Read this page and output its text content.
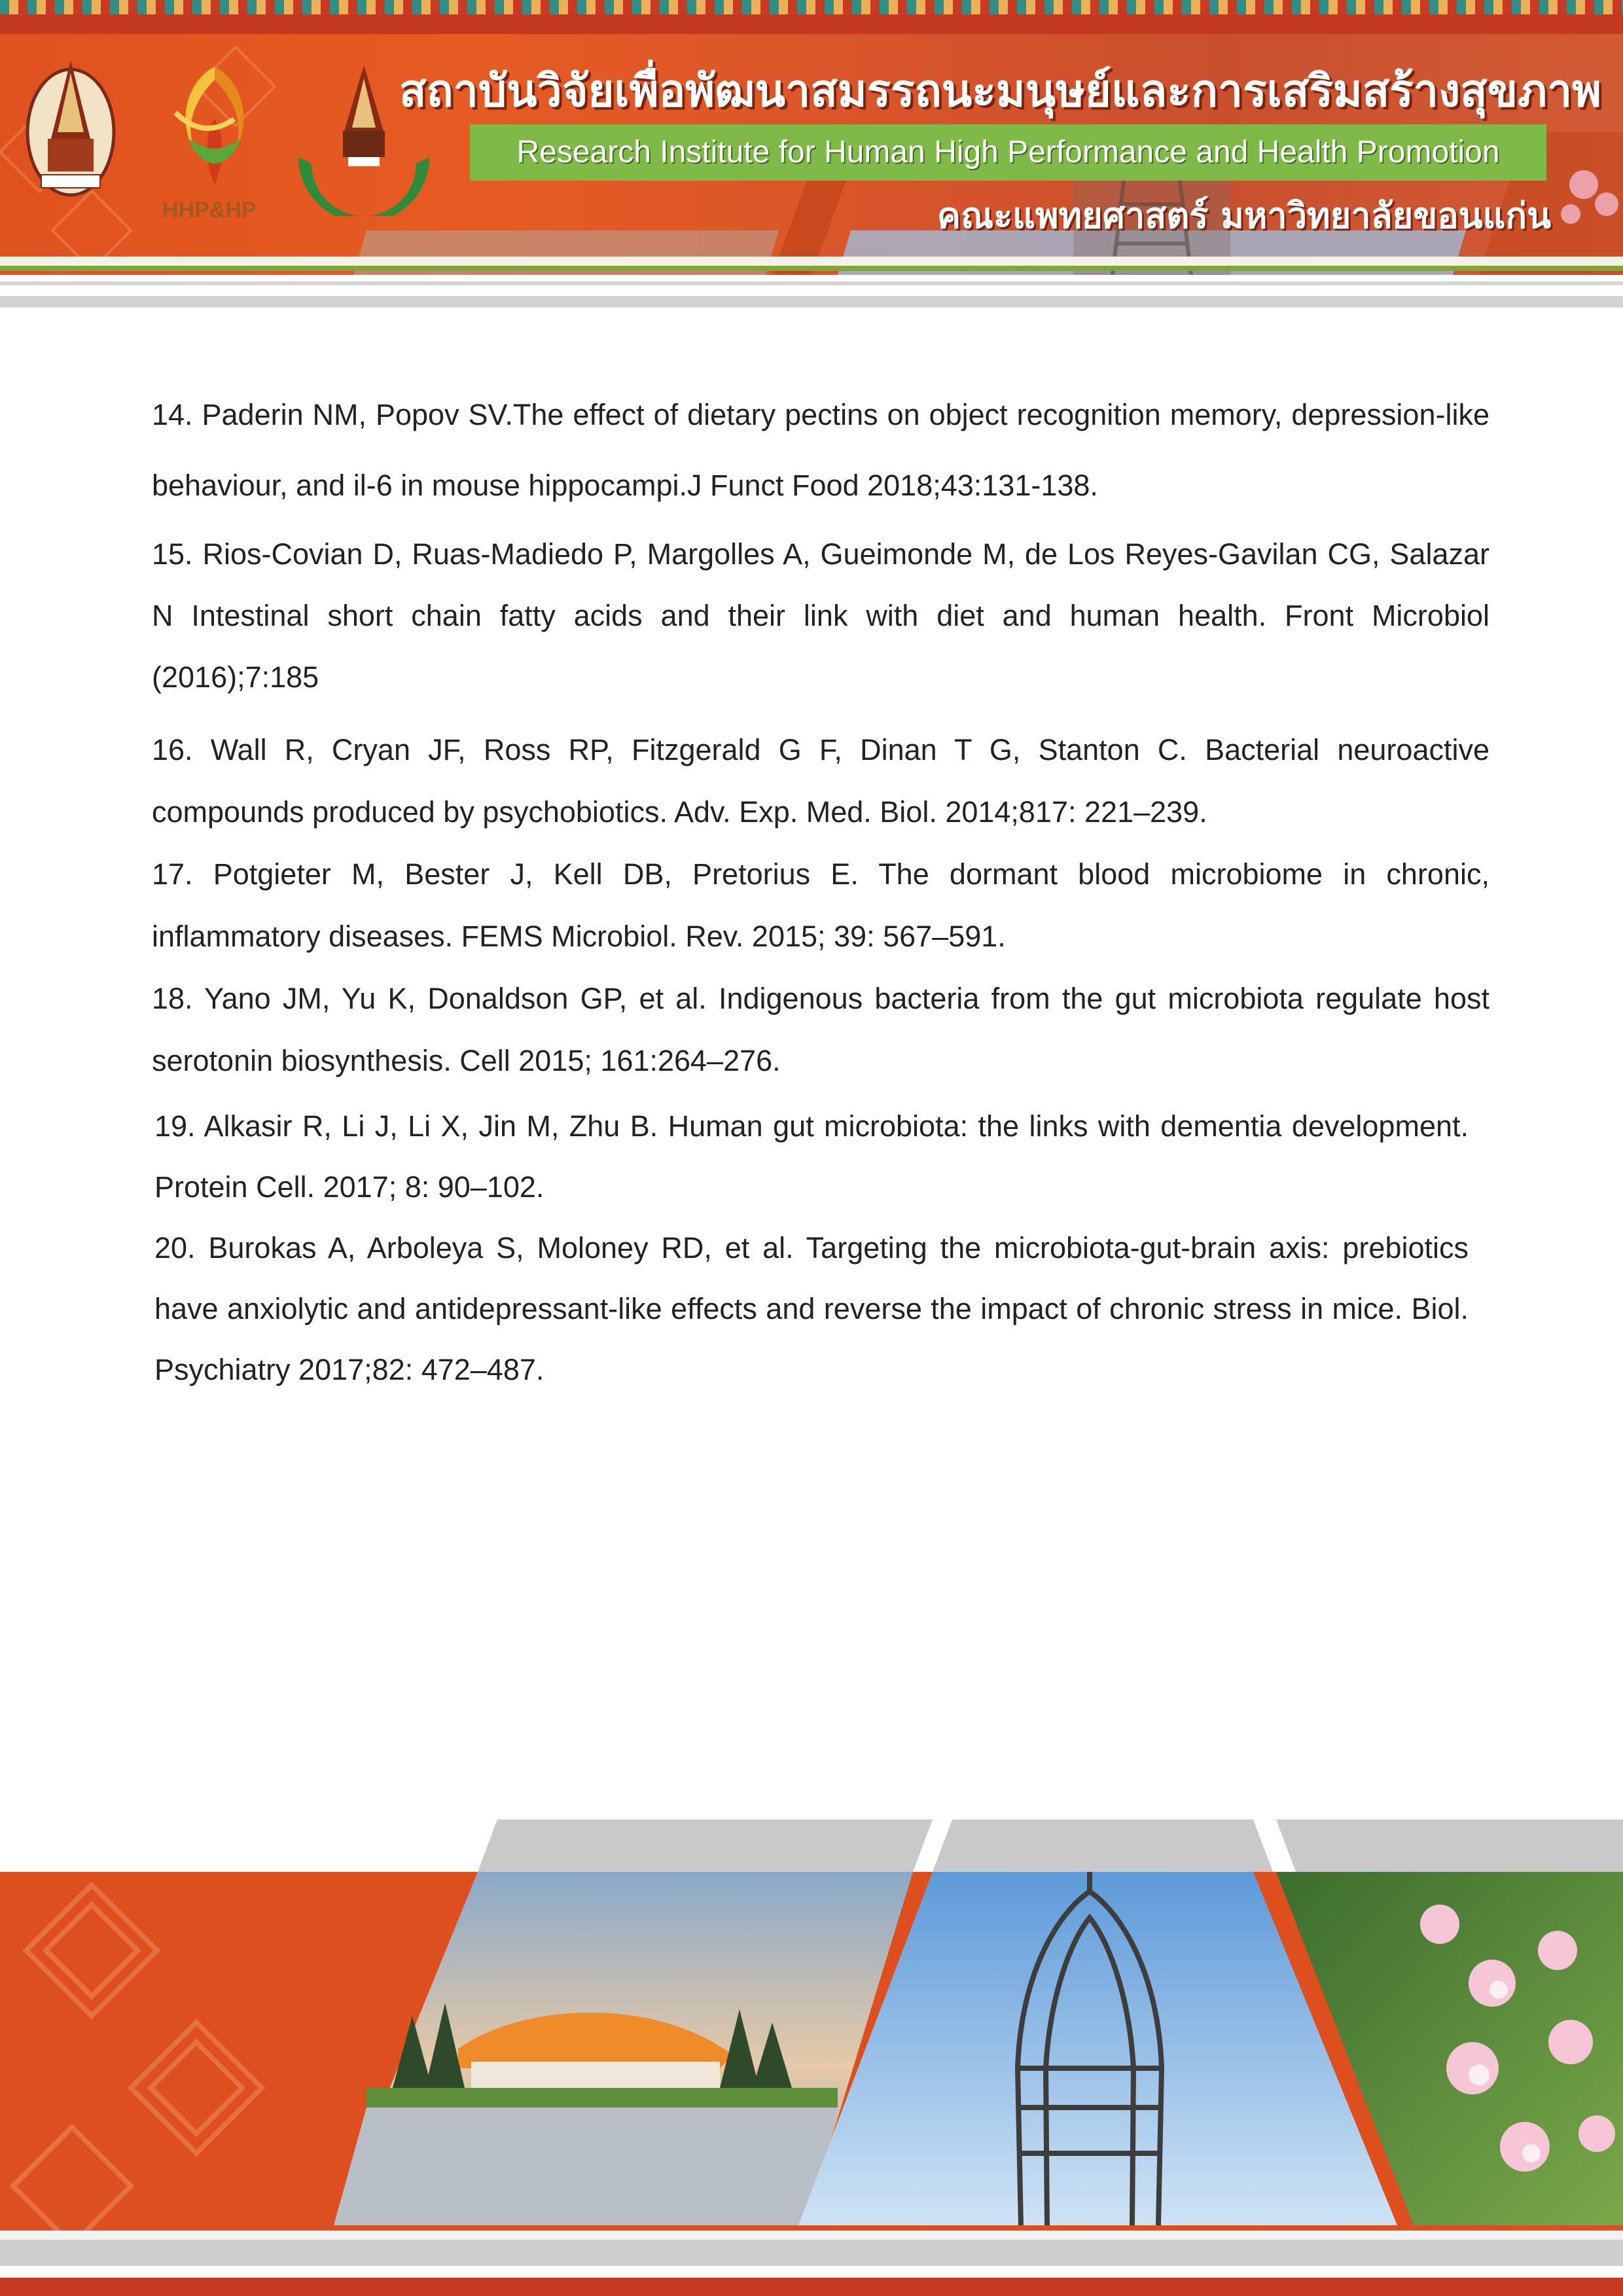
HHP&HP
สถาบันวิจัยเพื่อพัฒนาสมรรถนะมนุษย์และการเสริมสร้างสุขภาพ
Research Institute for Human High Performance and Health Promotion
คณะแพทยศาสตร์ มหาวิทยาลัยขอนแก่น

14. Paderin NM, Popov SV.The effect of dietary pectins on object recognition memory, depression-like behaviour, and il-6 in mouse hippocampi.J Funct Food 2018;43:131-138.

15. Rios-Covian D, Ruas-Madiedo P, Margolles A, Gueimonde M, de Los Reyes-Gavilan CG, Salazar N Intestinal short chain fatty acids and their link with diet and human health. Front Microbiol (2016);7:185

16. Wall R, Cryan JF, Ross RP, Fitzgerald G F, Dinan T G, Stanton C. Bacterial neuroactive compounds produced by psychobiotics. Adv. Exp. Med. Biol. 2014;817: 221–239.

17. Potgieter M, Bester J, Kell DB, Pretorius E. The dormant blood microbiome in chronic, inflammatory diseases. FEMS Microbiol. Rev. 2015; 39: 567–591.

18. Yano JM, Yu K, Donaldson GP, et al. Indigenous bacteria from the gut microbiota regulate host serotonin biosynthesis. Cell 2015; 161:264–276.

19. Alkasir R, Li J, Li X, Jin M, Zhu B. Human gut microbiota: the links with dementia development. Protein Cell. 2017; 8: 90–102.

20. Burokas A, Arboleya S, Moloney RD, et al. Targeting the microbiota-gut-brain axis: prebiotics have anxiolytic and antidepressant-like effects and reverse the impact of chronic stress in mice. Biol. Psychiatry 2017;82: 472–487.
